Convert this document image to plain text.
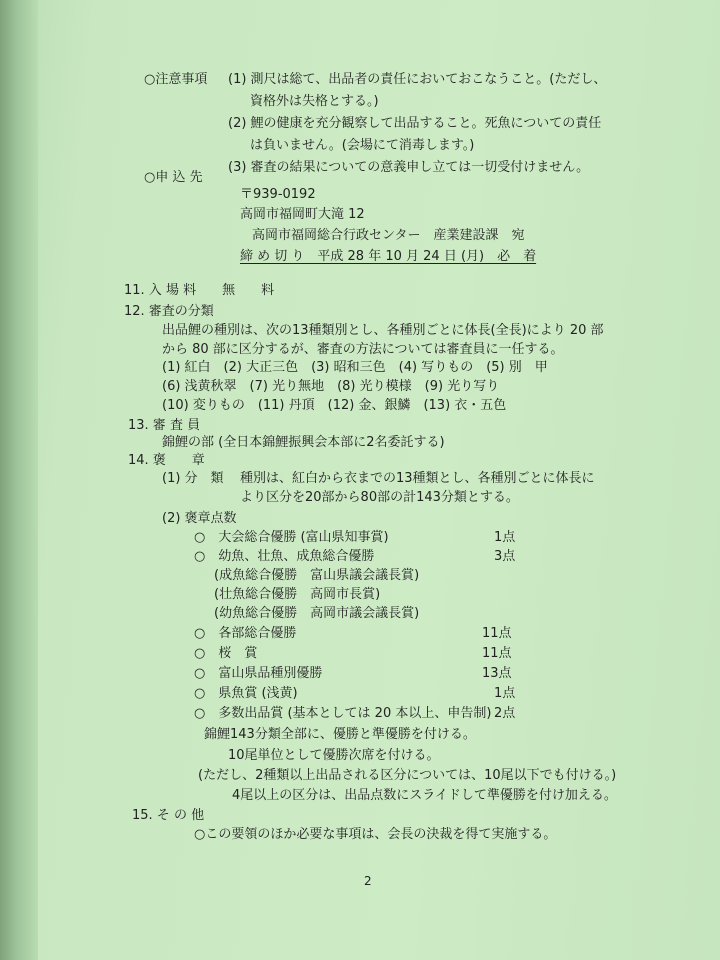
○注意事項 (1) 測尺は総て、出品者の責任においておこなうこと。(ただし、
資格外は失格とする。)
(2) 鯉の健康を充分観察して出品すること。死魚についての責任
は負いません。(会場にて消毒します。)
(3) 審査の結果についての意義申し立ては一切受付けません。
○申 込 先
〒939-0192
高岡市福岡町大滝 12
高岡市福岡総合行政センター　産業建設課　宛
締 め 切 り　平成 28 年 10 月 24 日 (月)　必　着
11. 入 場 料　　無　　料
12. 審査の分類
出品鯉の種別は、次の13種類別とし、各種別ごとに体長(全長)により 20 部
から 80 部に区分するが、審査の方法については審査員に一任する。
(1) 紅白　(2) 大正三色　(3) 昭和三色　(4) 写りもの　(5) 別　甲
(6) 浅黄秋翠　(7) 光り無地　(8) 光り模様　(9) 光り写り
(10) 変りもの　(11) 丹頂　(12) 金、銀鱗　(13) 衣・五色
13. 審 査 員
錦鯉の部 (全日本錦鯉振興会本部に2名委託する)
14. 褒　　章
(1) 分　類 種別は、紅白から衣までの13種類とし、各種別ごとに体長に
より区分を20部から80部の計143分類とする。
(2) 褒章点数
○　大会総合優勝 (富山県知事賞)	1点
○　幼魚、壮魚、成魚総合優勝	3点
(成魚総合優勝　富山県議会議長賞)
(壮魚総合優勝　高岡市長賞)
(幼魚総合優勝　高岡市議会議長賞)
○　各部総合優勝	11点
○　桜　賞	11点
○　富山県品種別優勝	13点
○　県魚賞 (浅黄)	1点
○　多数出品賞 (基本としては 20 本以上、申告制) 2点
錦鯉143分類全部に、優勝と準優勝を付ける。
10尾単位として優勝次席を付ける。
(ただし、2種類以上出品される区分については、10尾以下でも付ける。)
4尾以上の区分は、出品点数にスライドして準優勝を付け加える。
15. そ の 他
○この要領のほか必要な事項は、会長の決裁を得て実施する。
2
